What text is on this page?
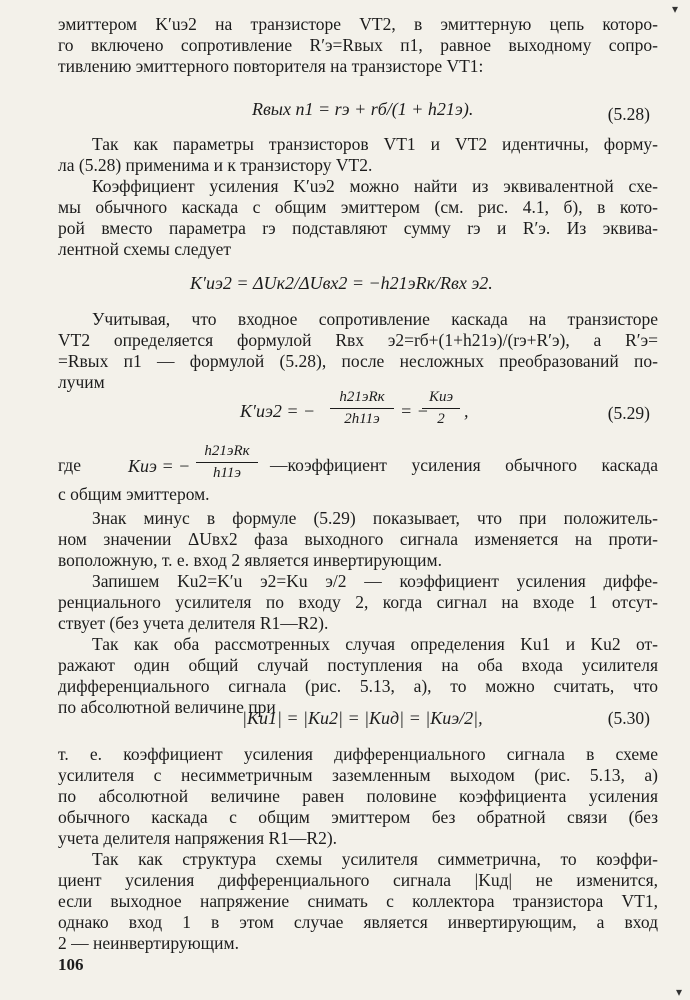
эмиттером K′uэ2 на транзисторе VT2, в эмиттерную цепь которо-
го включено сопротивление R′э=Rвых п1, равное выходному сопро-
тивлению эмиттерного повторителя на транзисторе VT1:
Rвых п1 = rэ + rб/(1 + h21э).	(5.28)
Так как параметры транзисторов VT1 и VT2 идентичны, форму-
ла (5.28) применима и к транзистору VT2.
Коэффициент усиления K′uэ2 можно найти из эквивалентной схе-
мы обычного каскада с общим эмиттером (см. рис. 4.1, б), в кото-
рой вместо параметра rэ подставляют сумму rэ и R′э. Из эквива-
лентной схемы следует
K′uэ2 = ΔUк2/ΔUвх2 = −h21эRк/Rвх э2.
Учитывая, что входное сопротивление каскада на транзисторе
VT2 определяется формулой Rвх э2=rб+(1+h21э)/(rэ+R′э), а R′э=
=Rвых п1 — формулой (5.28), после несложных преобразований по-
лучим
K′uэ2 = −
h21эRк
2h11э	= −
Kuэ
2	,	(5.29)
где	Kuэ = −
h21эRк
h11э	—коэффициент усиления обычного каскада
с общим эмиттером.
Знак минус в формуле (5.29) показывает, что при положитель-
ном значении ΔUвх2 фаза выходного сигнала изменяется на проти-
воположную, т. е. вход 2 является инвертирующим.
Запишем Ku2=K′u э2=Ku э/2 — коэффициент усиления диффе-
ренциального усилителя по входу 2, когда сигнал на входе 1 отсут-
ствует (без учета делителя R1—R2).
Так как оба рассмотренных случая определения Ku1 и Ku2 от-
ражают один общий случай поступления на оба входа усилителя
дифференциального сигнала (рис. 5.13, а), то можно считать, что
по абсолютной величине при
|Ku1| = |Ku2| = |Kuд| = |Kuэ/2|,	(5.30)
т. е. коэффициент усиления дифференциального сигнала в схеме
усилителя с несимметричным заземленным выходом (рис. 5.13, а)
по абсолютной величине равен половине коэффициента усиления
обычного каскада с общим эмиттером без обратной связи (без
учета делителя напряжения R1—R2).
Так как структура схемы усилителя симметрична, то коэффи-
циент усиления дифференциального сигнала |Kuд| не изменится,
если выходное напряжение снимать с коллектора транзистора VT1,
однако вход 1 в этом случае является инвертирующим, а вход
2 — неинвертирующим.
106
▾
▾
